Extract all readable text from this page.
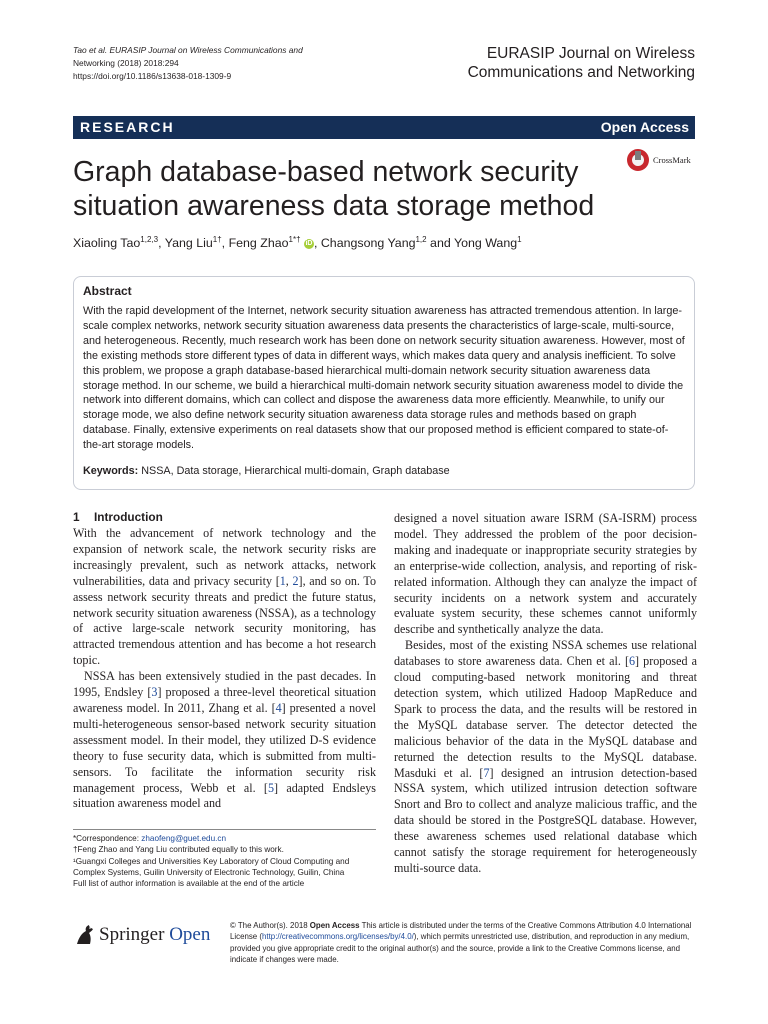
Tao et al. EURASIP Journal on Wireless Communications and
Networking (2018) 2018:294
https://doi.org/10.1186/s13638-018-1309-9
EURASIP Journal on Wireless
Communications and Networking
RESEARCH	Open Access
Graph database-based network security situation awareness data storage method
CrossMark
Xiaoling Tao$^{1,2,3}$, Yang Liu$^{1\dagger}$, Feng Zhao$^{1*\dagger}$ iD , Changsong Yang$^{1,2}$ and Yong Wang$^1$
Abstract
With the rapid development of the Internet, network security situation awareness has attracted tremendous attention. In large-scale complex networks, network security situation awareness data presents the characteristics of large-scale, multi-source, and heterogeneous. Recently, much research work has been done on network security situation awareness. However, most of the existing methods store different types of data in different ways, which makes data query and analysis inefficient. To solve this problem, we propose a graph database-based hierarchical multi-domain network security situation awareness data storage method. In our scheme, we build a hierarchical multi-domain network security situation awareness model to divide the network into different domains, which can collect and dispose the awareness data more efficiently. Meanwhile, to unify our storage mode, we also define network security situation awareness data storage rules and methods based on graph database. Finally, extensive experiments on real datasets show that our proposed method is efficient compared to state-of-the-art storage models.
Keywords: NSSA, Data storage, Hierarchical multi-domain, Graph database
1 Introduction

With the advancement of network technology and the expansion of network scale, the network security risks are increasingly prevalent, such as network attacks, network vulnerabilities, data and privacy security [1, 2], and so on. To assess network security threats and predict the future status, network security situation awareness (NSSA), as a technology of active large-scale network security monitoring, has attracted tremendous attention and has become a hot research topic.

NSSA has been extensively studied in the past decades. In 1995, Endsley [3] proposed a three-level theoretical situation awareness model. In 2011, Zhang et al. [4] presented a novel multi-heterogeneous sensor-based network security situation assessment model. In their model, they utilized D-S evidence theory to fuse security data, which is submitted from multi-sensors. To facilitate the information security risk management process, Webb et al. [5] adapted Endsleys situation awareness model and

designed a novel situation aware ISRM (SA-ISRM) process model. They addressed the problem of the poor decision-making and inadequate or inappropriate security strategies by an enterprise-wide collection, analysis, and reporting of risk-related information. Although they can analyze the impact of security incidents on a network system and accurately evaluate system security, these schemes cannot uniformly describe and synthetically analyze the data.

Besides, most of the existing NSSA schemes use relational databases to store awareness data. Chen et al. [6] proposed a cloud computing-based network monitoring and threat detection system, which utilized Hadoop MapReduce and Spark to process the data, and the results will be restored in the MySQL database server. The detector detected the malicious behavior of the data in the MySQL database and returned the detection results to the MySQL database. Masduki et al. [7] designed an intrusion detection-based NSSA system, which utilized intrusion detection software Snort and Bro to collect and analyze malicious traffic, and the data should be stored in the PostgreSQL database. However, these awareness schemes used relational database which cannot satisfy the storage requirement for heterogeneously multi-source data.

*Correspondence: zhaofeng@guet.edu.cn
†Feng Zhao and Yang Liu contributed equally to this work.
¹Guangxi Colleges and Universities Key Laboratory of Cloud Computing and Complex Systems, Guilin University of Electronic Technology, Guilin, China
Full list of author information is available at the end of the article
Springer Open © The Author(s). 2018 Open Access This article is distributed under the terms of the Creative Commons Attribution 4.0 International License (http://creativecommons.org/licenses/by/4.0/), which permits unrestricted use, distribution, and reproduction in any medium, provided you give appropriate credit to the original author(s) and the source, provide a link to the Creative Commons license, and indicate if changes were made.
